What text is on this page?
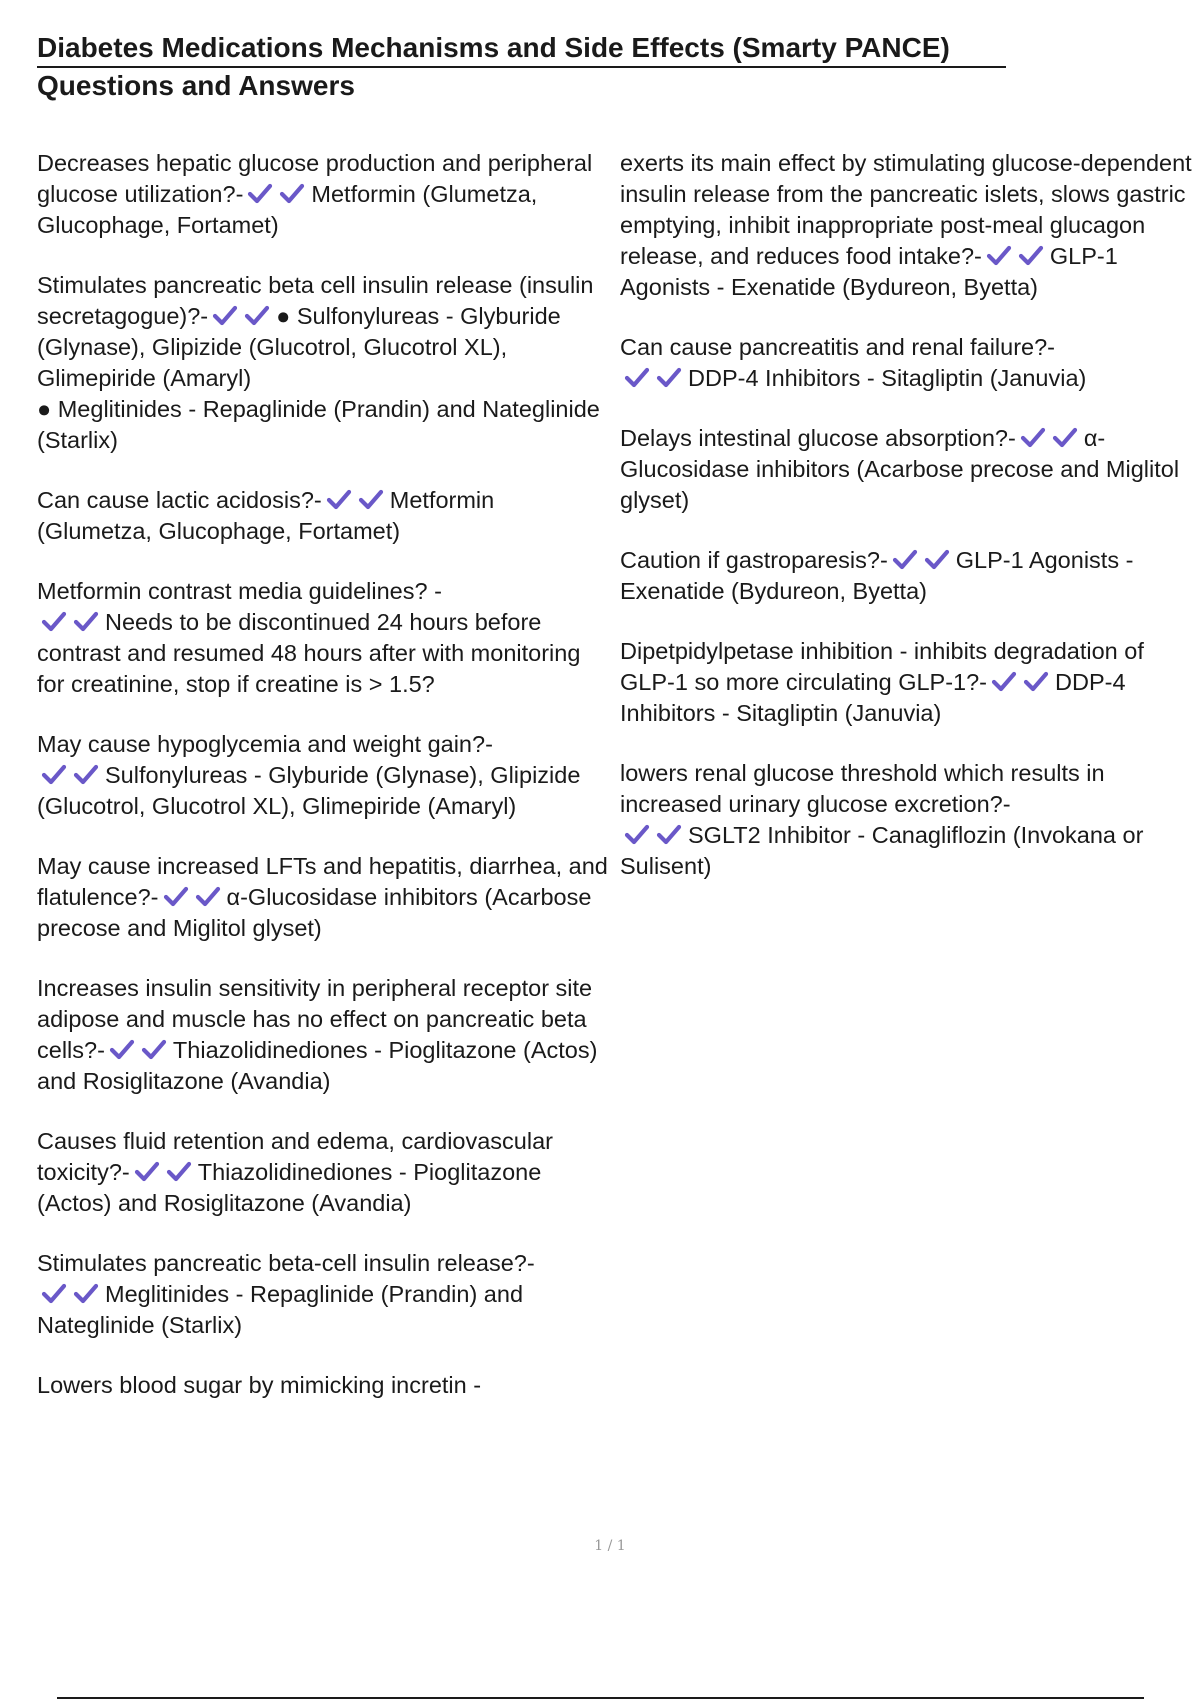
Diabetes Medications Mechanisms and Side Effects (Smarty PANCE)
Questions and Answers
Decreases hepatic glucose production and peripheral glucose utilization?-	Metformin (Glumetza, Glucophage, Fortamet)
Stimulates pancreatic beta cell insulin release (insulin secretagogue)?-	● Sulfonylureas - Glyburide (Glynase), Glipizide (Glucotrol, Glucotrol XL), Glimepiride (Amaryl)
● Meglitinides - Repaglinide (Prandin) and Nateglinide (Starlix)
Can cause lactic acidosis?-	Metformin (Glumetza, Glucophage, Fortamet)
Metformin contrast media guidelines? -

Needs to be discontinued 24 hours before contrast and resumed 48 hours after with monitoring for creatinine, stop if creatine is > 1.5?
May cause hypoglycemia and weight gain?-

Sulfonylureas - Glyburide (Glynase), Glipizide (Glucotrol, Glucotrol XL), Glimepiride (Amaryl)
May cause increased LFTs and hepatitis, diarrhea, and flatulence?-	α-Glucosidase inhibitors (Acarbose precose and Miglitol glyset)
Increases insulin sensitivity in peripheral receptor site adipose and muscle has no effect on pancreatic beta cells?-	Thiazolidinediones - Pioglitazone (Actos) and Rosiglitazone (Avandia)
Causes fluid retention and edema, cardiovascular toxicity?-	Thiazolidinediones - Pioglitazone (Actos) and Rosiglitazone (Avandia)
Stimulates pancreatic beta-cell insulin release?-

Meglitinides - Repaglinide (Prandin) and Nateglinide (Starlix)
Lowers blood sugar by mimicking incretin -
exerts its main effect by stimulating glucose-dependent insulin release from the pancreatic islets, slows gastric emptying, inhibit inappropriate post-meal glucagon release, and reduces food intake?-	GLP-1 Agonists - Exenatide (Bydureon, Byetta)
Can cause pancreatitis and renal failure?-

DDP-4 Inhibitors - Sitagliptin (Januvia)
Delays intestinal glucose absorption?-	α-Glucosidase inhibitors (Acarbose precose and Miglitol glyset)
Caution if gastroparesis?-	GLP-1 Agonists - Exenatide (Bydureon, Byetta)
Dipetpidylpetase inhibition - inhibits degradation of GLP-1 so more circulating GLP-1?-	DDP-4 Inhibitors - Sitagliptin (Januvia)
lowers renal glucose threshold which results in increased urinary glucose excretion?-

SGLT2 Inhibitor - Canagliflozin (Invokana or Sulisent)
1 / 1
